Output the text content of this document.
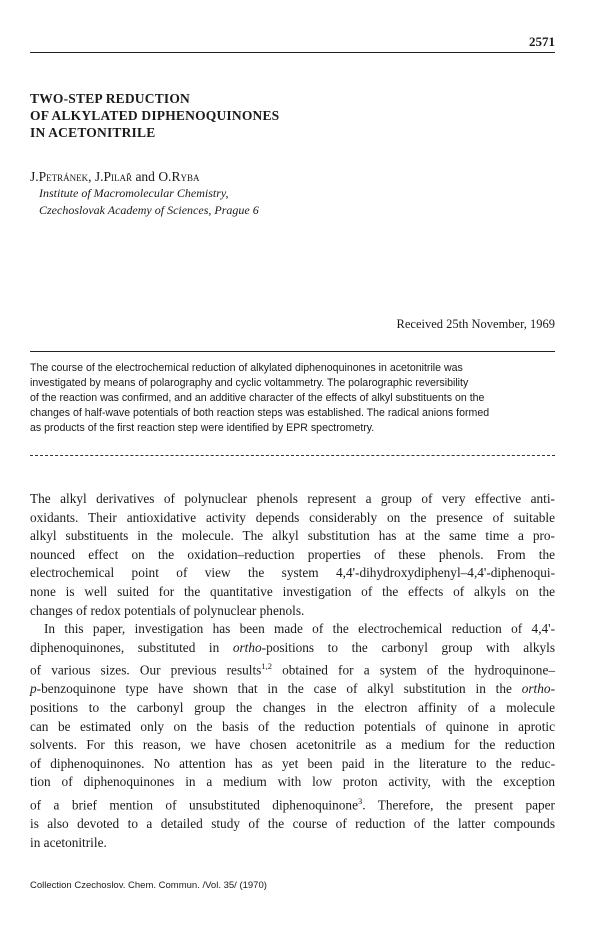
2571
TWO-STEP REDUCTION
OF ALKYLATED DIPHENOQUINONES
IN ACETONITRILE
J.Petránek, J.Pilař and O.Ryba
Institute of Macromolecular Chemistry,
Czechoslovak Academy of Sciences, Prague 6
Received 25th November, 1969
The course of the electrochemical reduction of alkylated diphenoquinones in acetonitrile was
investigated by means of polarography and cyclic voltammetry. The polarographic reversibility
of the reaction was confirmed, and an additive character of the effects of alkyl substituents on the
changes of half-wave potentials of both reaction steps was established. The radical anions formed
as products of the first reaction step were identified by EPR spectrometry.
The alkyl derivatives of polynuclear phenols represent a group of very effective anti-
oxidants. Their antioxidative activity depends considerably on the presence of suitable
alkyl substituents in the molecule. The alkyl substitution has at the same time a pro-
nounced effect on the oxidation–reduction properties of these phenols. From the
electrochemical point of view the system 4,4'-dihydroxydiphenyl–4,4'-diphenoqui-
none is well suited for the quantitative investigation of the effects of alkyls on the
changes of redox potentials of polynuclear phenols.
In this paper, investigation has been made of the electrochemical reduction of 4,4'-
diphenoquinones, substituted in ortho-positions to the carbonyl group with alkyls
of various sizes. Our previous results$^{1,2}$ obtained for a system of the hydroquinone–
p-benzoquinone type have shown that in the case of alkyl substitution in the ortho-
positions to the carbonyl group the changes in the electron affinity of a molecule
can be estimated only on the basis of the reduction potentials of quinone in aprotic
solvents. For this reason, we have chosen acetonitrile as a medium for the reduction
of diphenoquinones. No attention has as yet been paid in the literature to the reduc-
tion of diphenoquinones in a medium with low proton activity, with the exception
of a brief mention of unsubstituted diphenoquinone$^3$. Therefore, the present paper
is also devoted to a detailed study of the course of reduction of the latter compounds
in acetonitrile.
Collection Czechoslov. Chem. Commun. /Vol. 35/ (1970)
